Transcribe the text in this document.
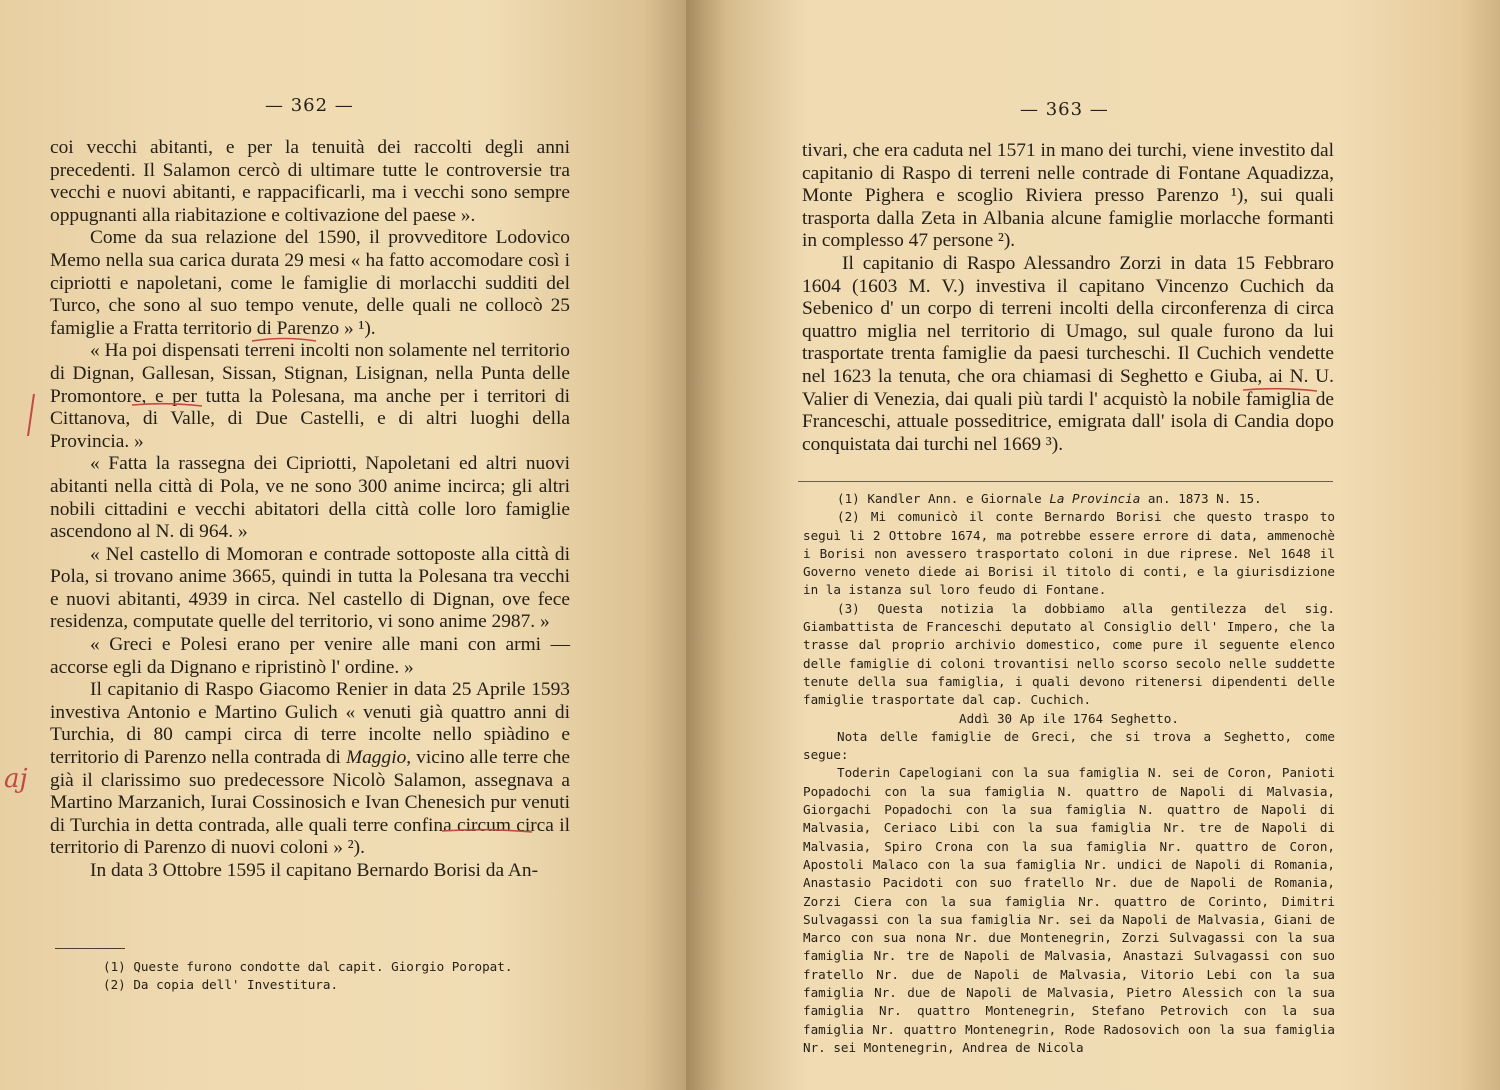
— 362 —

coi vecchi abitanti, e per la tenuità dei raccolti degli anni precedenti. Il Salamon cercò di ultimare tutte le controversie tra vecchi e nuovi abitanti, e rappacificarli, ma i vecchi sono sempre oppugnanti alla riabitazione e coltivazione del paese ».

Come da sua relazione del 1590, il provveditore Lodovico Memo nella sua carica durata 29 mesi « ha fatto accomodare così i cipriotti e napoletani, come le famiglie di morlacchi sudditi del Turco, che sono al suo tempo venute, delle quali ne collocò 25 famiglie a Fratta territorio di Parenzo » ¹).

« Ha poi dispensati terreni incolti non solamente nel territorio di Dignan, Gallesan, Sissan, Stignan, Lisignan, nella Punta delle Promontore, e per tutta la Polesana, ma anche per i territori di Cittanova, di Valle, di Due Castelli, e di altri luoghi della Provincia. »

« Fatta la rassegna dei Cipriotti, Napoletani ed altri nuovi abitanti nella città di Pola, ve ne sono 300 anime incirca; gli altri nobili cittadini e vecchi abitatori della città colle loro famiglie ascendono al N. di 964. »

« Nel castello di Momoran e contrade sottoposte alla città di Pola, si trovano anime 3665, quindi in tutta la Polesana tra vecchi e nuovi abitanti, 4939 in circa. Nel castello di Dignan, ove fece residenza, computate quelle del territorio, vi sono anime 2987. »

« Greci e Polesi erano per venire alle mani con armi — accorse egli da Dignano e ripristinò l' ordine. »

Il capitanio di Raspo Giacomo Renier in data 25 Aprile 1593 investiva Antonio e Martino Gulich « venuti già quattro anni di Turchia, di 80 campi circa di terre incolte nello spiàdino e territorio di Parenzo nella contrada di Maggio, vicino alle terre che già il clarissimo suo predecessore Nicolò Salamon, assegnava a Martino Marzanich, Iurai Cossinosich e Ivan Chenesich pur venuti di Turchia in detta contrada, alle quali terre confina circum circa il territorio di Parenzo di nuovi coloni » ²).

In data 3 Ottobre 1595 il capitano Bernardo Borisi da An-

(1) Queste furono condotte dal capit. Giorgio Poropat.

(2) Da copia dell' Investitura.

aj
— 363 —

tivari, che era caduta nel 1571 in mano dei turchi, viene investito dal capitanio di Raspo di terreni nelle contrade di Fontane Aquadizza, Monte Pighera e scoglio Riviera presso Parenzo ¹), sui quali trasporta dalla Zeta in Albania alcune famiglie morlacche formanti in complesso 47 persone ²).

Il capitanio di Raspo Alessandro Zorzi in data 15 Febbraro 1604 (1603 M. V.) investiva il capitano Vincenzo Cuchich da Sebenico d' un corpo di terreni incolti della circonferenza di circa quattro miglia nel territorio di Umago, sul quale furono da lui trasportate trenta famiglie da paesi turcheschi. Il Cuchich vendette nel 1623 la tenuta, che ora chiamasi di Seghetto e Giuba, ai N. U. Valier di Venezia, dai quali più tardi l' acquistò la nobile famiglia de Franceschi, attuale posseditrice, emigrata dall' isola di Candia dopo conquistata dai turchi nel 1669 ³).

(1) Kandler Ann. e Giornale La Provincia an. 1873 N. 15.

(2) Mi comunicò il conte Bernardo Borisi che questo traspo to seguì li 2 Ottobre 1674, ma potrebbe essere errore di data, ammenochè i Borisi non avessero trasportato coloni in due riprese. Nel 1648 il Governo veneto diede ai Borisi il titolo di conti, e la giurisdizione in la istanza sul loro feudo di Fontane.

(3) Questa notizia la dobbiamo alla gentilezza del sig. Giambattista de Franceschi deputato al Consiglio dell' Impero, che la trasse dal proprio archivio domestico, come pure il seguente elenco delle famiglie di coloni trovantisi nello scorso secolo nelle suddette tenute della sua famiglia, i quali devono ritenersi dipendenti delle famiglie trasportate dal cap. Cuchich.

Addì 30 Ap ile 1764 Seghetto.

Nota delle famiglie de Greci, che si trova a Seghetto, come segue:

Toderin Capelogiani con la sua famiglia N. sei de Coron, Panioti Popadochi con la sua famiglia N. quattro de Napoli di Malvasia, Giorgachi Popadochi con la sua famiglia N. quattro de Napoli di Malvasia, Ceriaco Libi con la sua famiglia Nr. tre de Napoli di Malvasia, Spiro Crona con la sua famiglia Nr. quattro de Coron, Apostoli Malaco con la sua famiglia Nr. undici de Napoli di Romania, Anastasio Pacidoti con suo fratello Nr. due de Napoli de Romania, Zorzi Ciera con la sua famiglia Nr. quattro de Corinto, Dimitri Sulvagassi con la sua famiglia Nr. sei da Napoli de Malvasia, Giani de Marco con sua nona Nr. due Montenegrin, Zorzi Sulvagassi con la sua famiglia Nr. tre de Napoli de Malvasia, Anastazi Sulvagassi con suo fratello Nr. due de Napoli de Malvasia, Vitorio Lebi con la sua famiglia Nr. due de Napoli de Malvasia, Pietro Alessich con la sua famiglia Nr. quattro Montenegrin, Stefano Petrovich con la sua famiglia Nr. quattro Montenegrin, Rode Radosovich oon la sua famiglia Nr. sei Montenegrin, Andrea de Nicola
